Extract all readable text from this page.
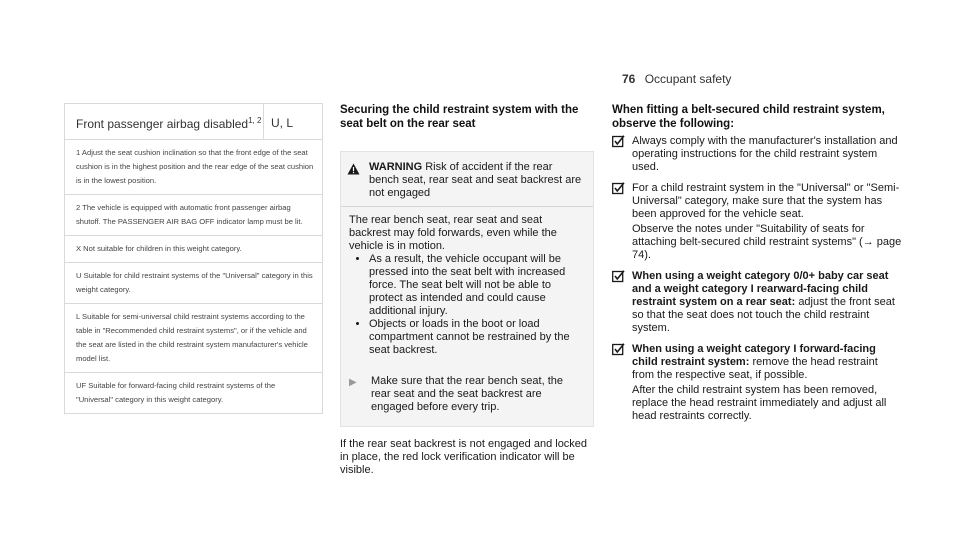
76 Occupant safety
Front passenger airbag disabled$^{1, 2}$ U, L
1 Adjust the seat cushion inclination so that the front edge of the seat cushion is in the highest position and the rear edge of the seat cushion is in the lowest position.
2 The vehicle is equipped with automatic front passenger airbag shutoff. The PASSENGER AIR BAG OFF indicator lamp must be lit.
X Not suitable for children in this weight category.
U Suitable for child restraint systems of the "Universal" category in this weight category.
L Suitable for semi-universal child restraint systems according to the table in "Recommended child restraint systems", or if the vehicle and the seat are listed in the child restraint system manufacturer's vehicle model list.
UF Suitable for forward-facing child restraint systems of the "Universal" category in this weight category.
Securing the child restraint system with the seat belt on the rear seat
WARNING Risk of accident if the rear bench seat, rear seat and seat backrest are not engaged

The rear bench seat, rear seat and seat backrest may fold forwards, even while the vehicle is in motion.

• As a result, the vehicle occupant will be pressed into the seat belt with increased force. The seat belt will not be able to protect as intended and could cause additional injury.
• Objects or loads in the boot or load compartment cannot be restrained by the seat backrest.
▶	Make sure that the rear bench seat, the rear seat and the seat backrest are engaged before every trip.
If the rear seat backrest is not engaged and locked in place, the red lock verification indicator will be visible.
When fitting a belt-secured child restraint system, observe the following:

Always comply with the manufacturer's installation and operating instructions for the child restraint system used.

For a child restraint system in the "Universal" or "Semi-Universal" category, make sure that the system has been approved for the vehicle seat.

Observe the notes under "Suitability of seats for attaching belt-secured child restraint systems" (→ page 74).

When using a weight category 0/0+ baby car seat and a weight category I rearward-facing child restraint system on a rear seat: adjust the front seat so that the seat does not touch the child restraint system.

When using a weight category I forward-facing child restraint system: remove the head restraint from the respective seat, if possible.

After the child restraint system has been removed, replace the head restraint immediately and adjust all head restraints correctly.
